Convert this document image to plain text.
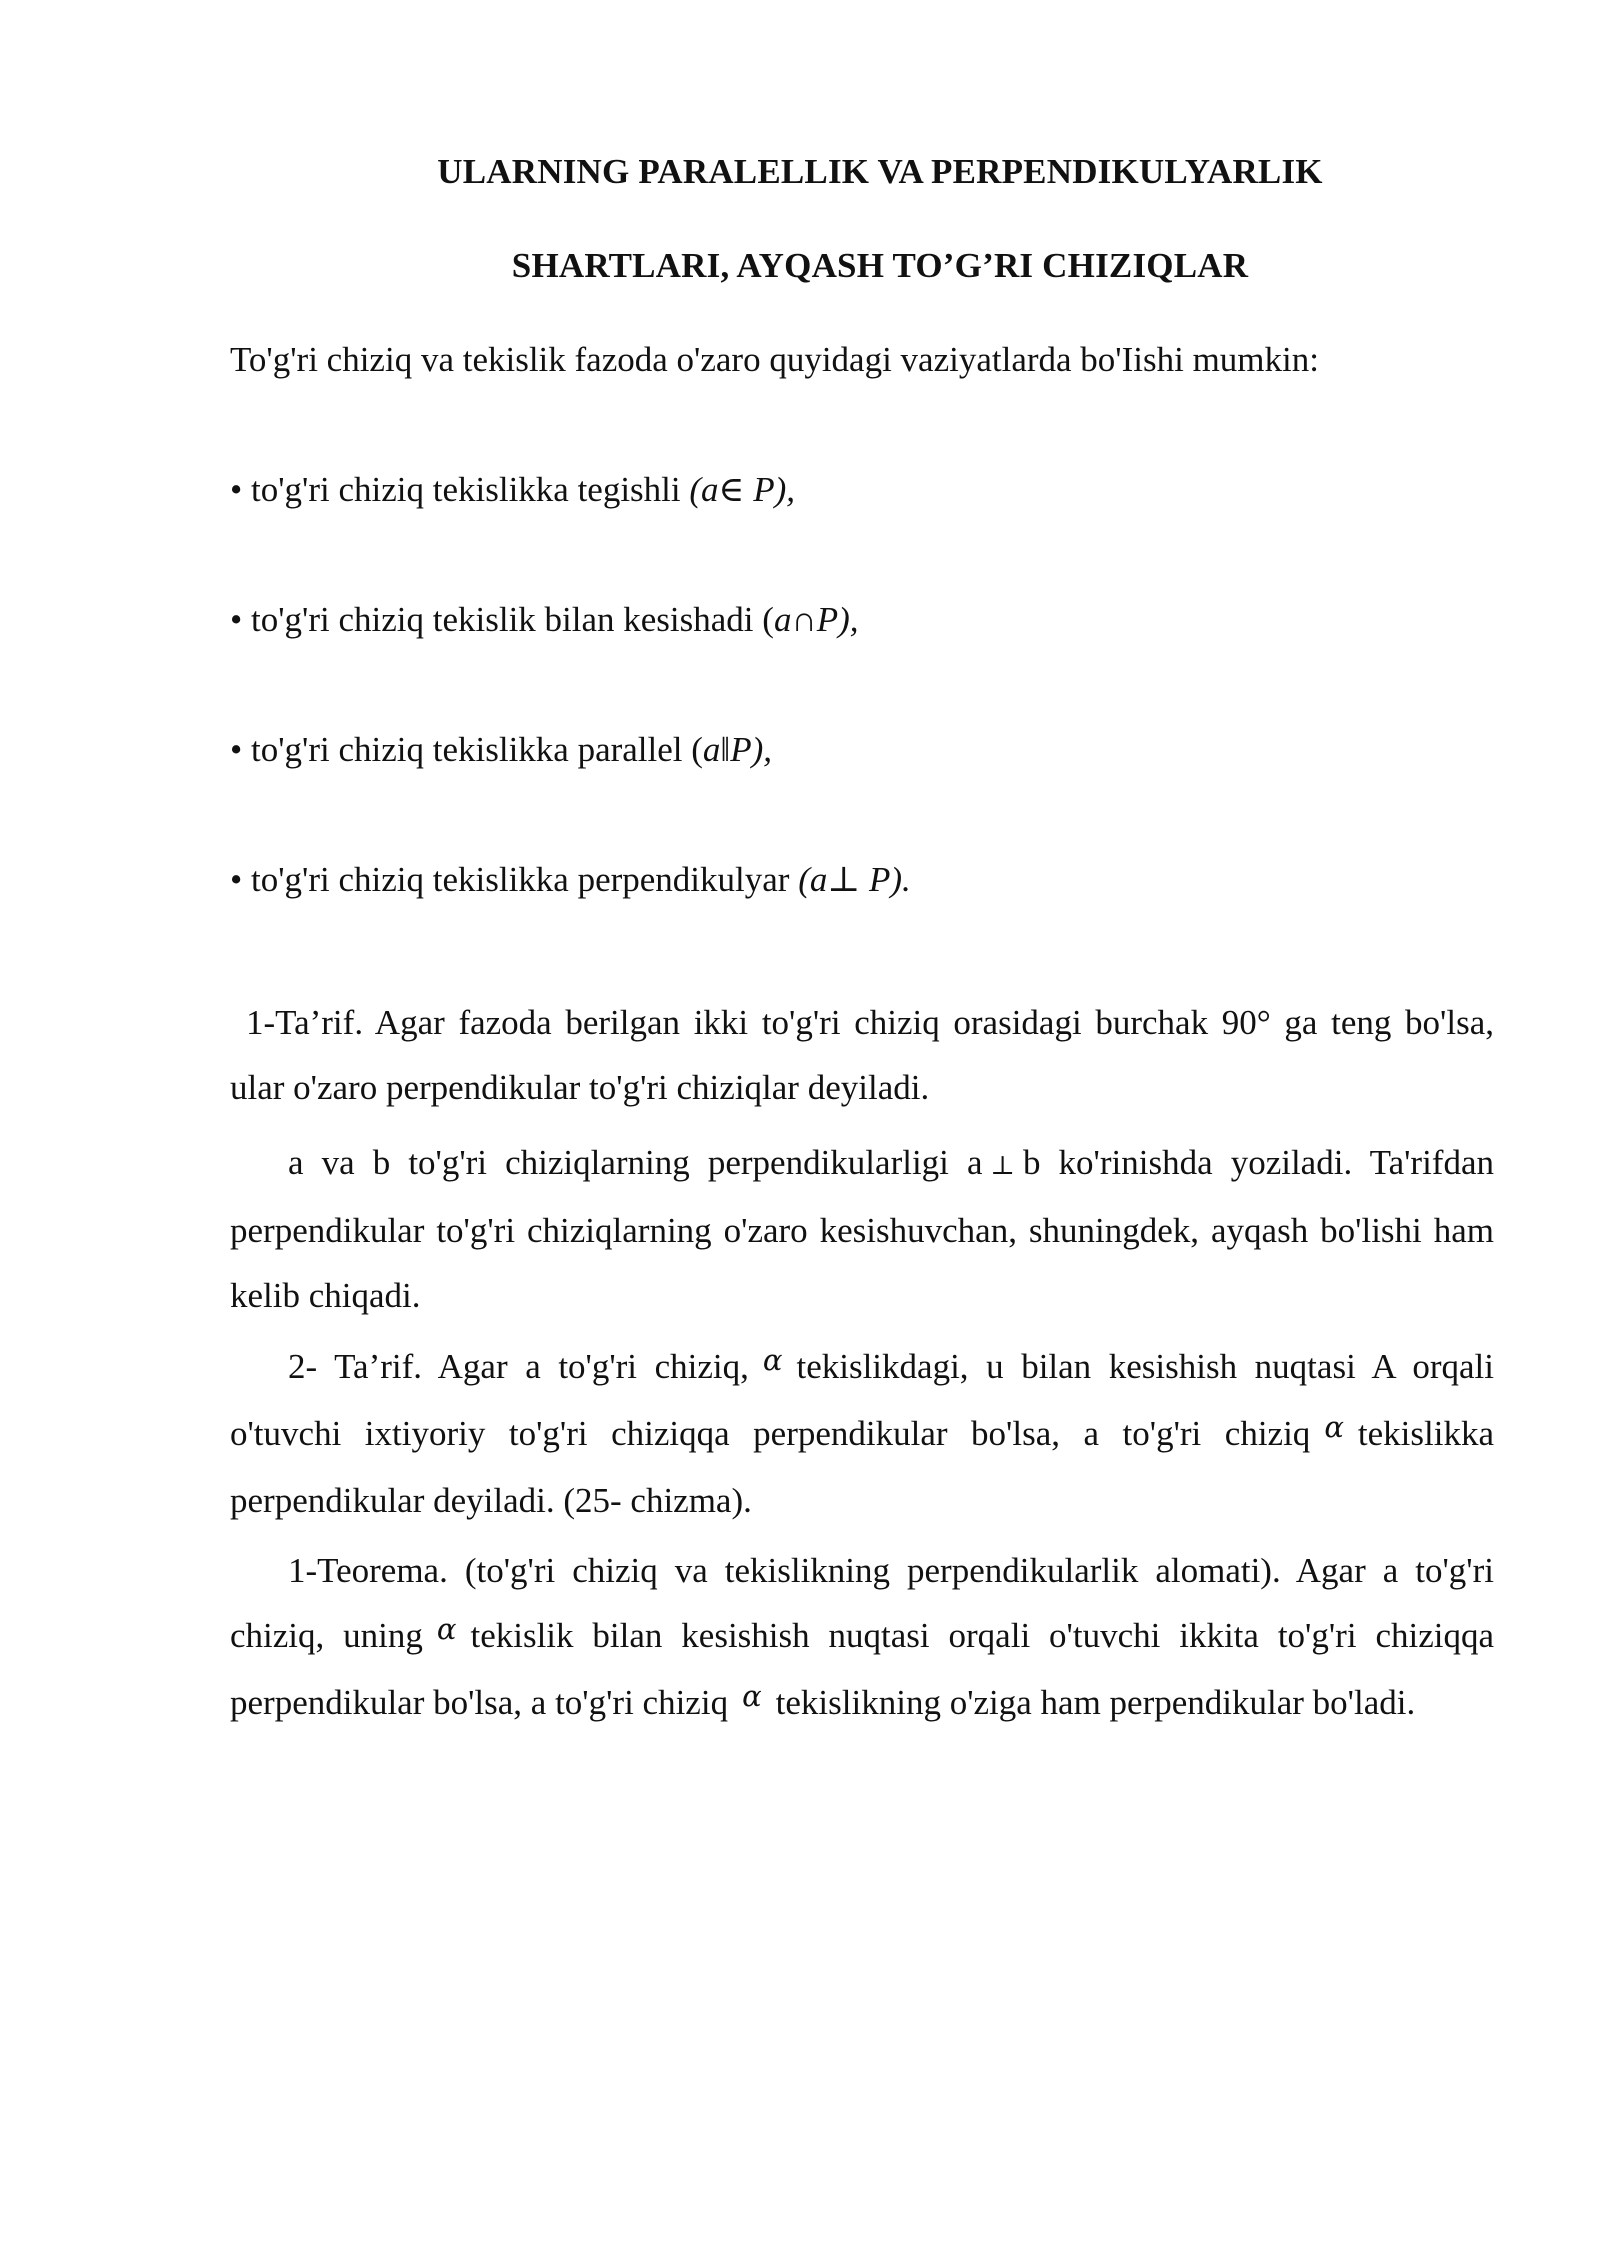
ULARNING PARALELLIK VA PERPENDIKULYARLIK
SHARTLARI, AYQASH TO’G’RI CHIZIQLAR
To'g'ri chiziq va tekislik fazoda o'zaro quyidagi vaziyatlarda bo'Iishi mumkin:
• to'g'ri chiziq tekislikka tegishli (a∈ P),
• to'g'ri chiziq tekislik bilan kesishadi (a∩P),
• to'g'ri chiziq tekislikka parallel (a‖P),
• to'g'ri chiziq tekislikka perpendikulyar (a⊥ P).
1-Ta’rif. Agar fazoda berilgan ikki to'g'ri chiziq orasidagi burchak 90° ga teng bo'lsa, ular o'zaro perpendikular to'g'ri chiziqlar deyiladi.
a va b to'g'ri chiziqlarning perpendikularligi a ⊥ b ko'rinishda yoziladi. Ta'rifdan perpendikular to'g'ri chiziqlarning o'zaro kesishuvchan, shuningdek, ayqash bo'lishi ham kelib chiqadi.
2- Ta’rif. Agar a to'g'ri chiziq, $^\alpha$ tekislikdagi, u bilan kesishish nuqtasi A orqali o'tuvchi ixtiyoriy to'g'ri chiziqqa perpendikular bo'lsa, a to'g'ri chiziq $^\alpha$ tekislikka perpendikular deyiladi. (25- chizma).
1-Teorema. (to'g'ri chiziq va tekislikning perpendikularlik alomati). Agar a to'g'ri chiziq, uning $^\alpha$ tekislik bilan kesishish nuqtasi orqali o'tuvchi ikkita to'g'ri chiziqqa perpendikular bo'lsa, a to'g'ri chiziq $^\alpha$ tekislikning o'ziga ham perpendikular bo'ladi.
